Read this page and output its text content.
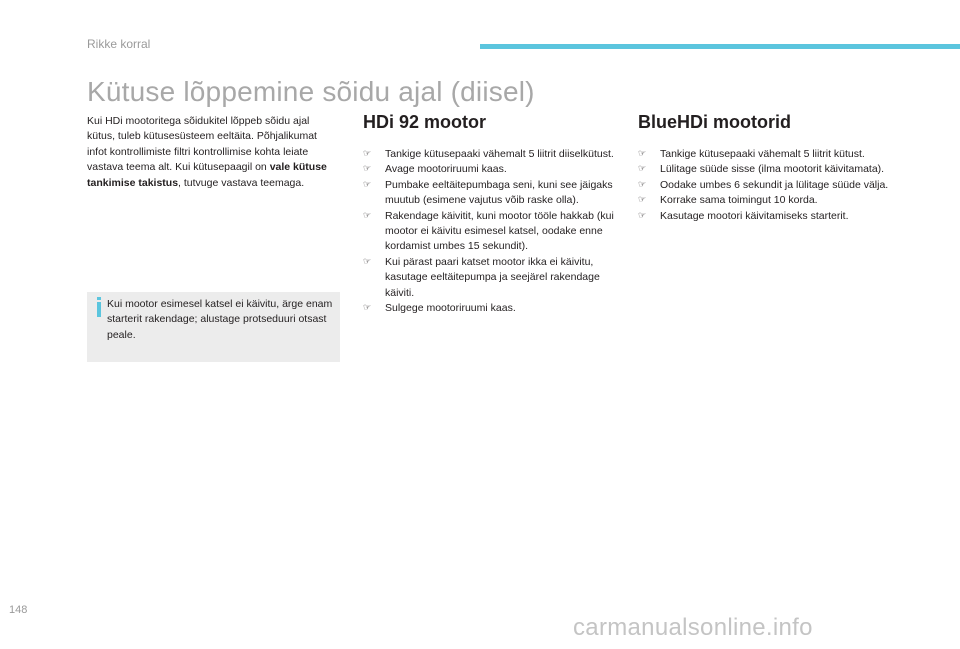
Rikke korral
Kütuse lõppemine sõidu ajal (diisel)

Kui HDi mootoritega sõidukitel lõppeb sõidu ajal kütus, tuleb kütusesüsteem eeltäita. Põhjalikumat infot kontrollimiste filtri kontrollimise kohta leiate vastava teema alt. Kui kütusepaagil on vale kütuse tankimise takistus, tutvuge vastava teemaga.

Kui mootor esimesel katsel ei käivitu, ärge enam starterit rakendage; alustage protseduuri otsast peale.

HDi 92 mootor
☞ Tankige kütusepaaki vähemalt 5 liitrit diiselkütust.
☞ Avage mootoriruumi kaas.
☞ Pumbake eeltäitepumbaga seni, kuni see jäigaks muutub (esimene vajutus võib raske olla).
☞ Rakendage käivitit, kuni mootor tööle hakkab (kui mootor ei käivitu esimesel katsel, oodake enne kordamist umbes 15 sekundit).
☞ Kui pärast paari katset mootor ikka ei käivitu, kasutage eeltäitepumpa ja seejärel rakendage käiviti.
☞ Sulgege mootoriruumi kaas.
BlueHDi mootorid
☞ Tankige kütusepaaki vähemalt 5 liitrit kütust.
☞ Lülitage süüde sisse (ilma mootorit käivitamata).
☞ Oodake umbes 6 sekundit ja lülitage süüde välja.
☞ Korrake sama toimingut 10 korda.
☞ Kasutage mootori käivitamiseks starterit.
148
carmanualsonline.info
